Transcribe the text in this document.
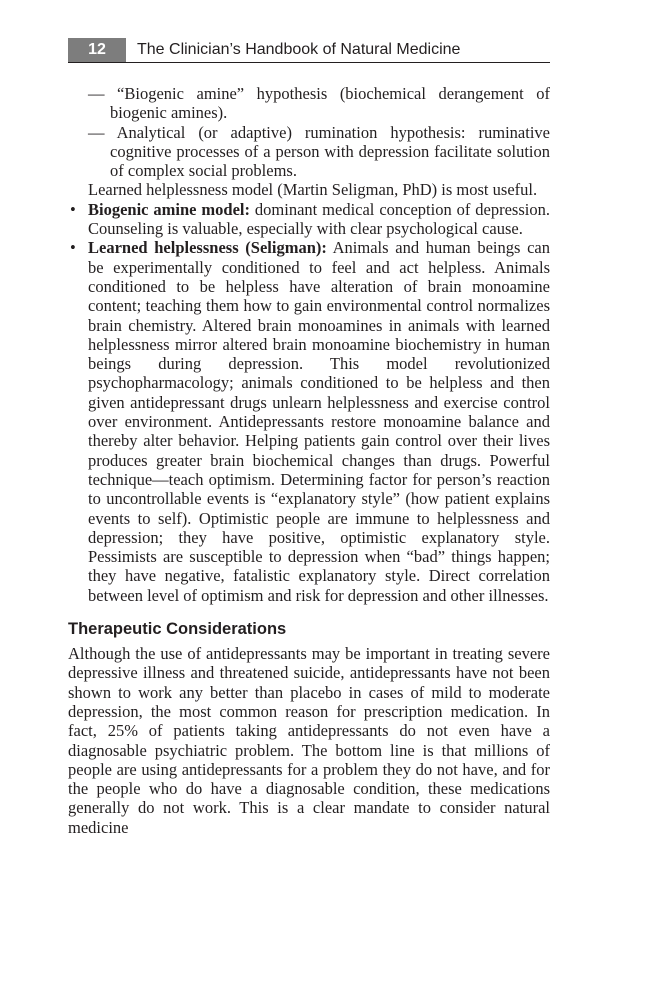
12	The Clinician’s Handbook of Natural Medicine

— “Biogenic amine” hypothesis (biochemical derangement of biogenic amines).

— Analytical (or adaptive) rumination hypothesis: ruminative cognitive processes of a person with depression facilitate solution of complex social problems.

Learned helplessness model (Martin Seligman, PhD) is most useful.

• Biogenic amine model: dominant medical conception of depression. Counseling is valuable, especially with clear psychological cause.
• Learned helplessness (Seligman): Animals and human beings can be experimentally conditioned to feel and act helpless. Animals conditioned to be helpless have alteration of brain monoamine content; teaching them how to gain environmental control normalizes brain chemistry. Altered brain monoamines in animals with learned helplessness mirror altered brain monoamine biochemistry in human beings during depression. This model revolutionized psychopharmacology; animals conditioned to be helpless and then given antidepressant drugs unlearn helplessness and exercise control over environment. Antidepressants restore monoamine balance and thereby alter behavior. Helping patients gain control over their lives produces greater brain biochemical changes than drugs. Powerful technique—teach optimism. Determining factor for person’s reaction to uncontrollable events is “explanatory style” (how patient explains events to self). Optimistic people are immune to helplessness and depression; they have positive, optimistic explanatory style. Pessimists are susceptible to depression when “bad” things happen; they have negative, fatalistic explanatory style. Direct correlation between level of optimism and risk for depression and other illnesses.
Therapeutic Considerations

Although the use of antidepressants may be important in treating severe depressive illness and threatened suicide, antidepressants have not been shown to work any better than placebo in cases of mild to moderate depression, the most common reason for prescription medication. In fact, 25% of patients taking antidepressants do not even have a diagnosable psychiatric problem. The bottom line is that millions of people are using antidepressants for a problem they do not have, and for the people who do have a diagnosable condition, these medications generally do not work. This is a clear mandate to consider natural medicine
